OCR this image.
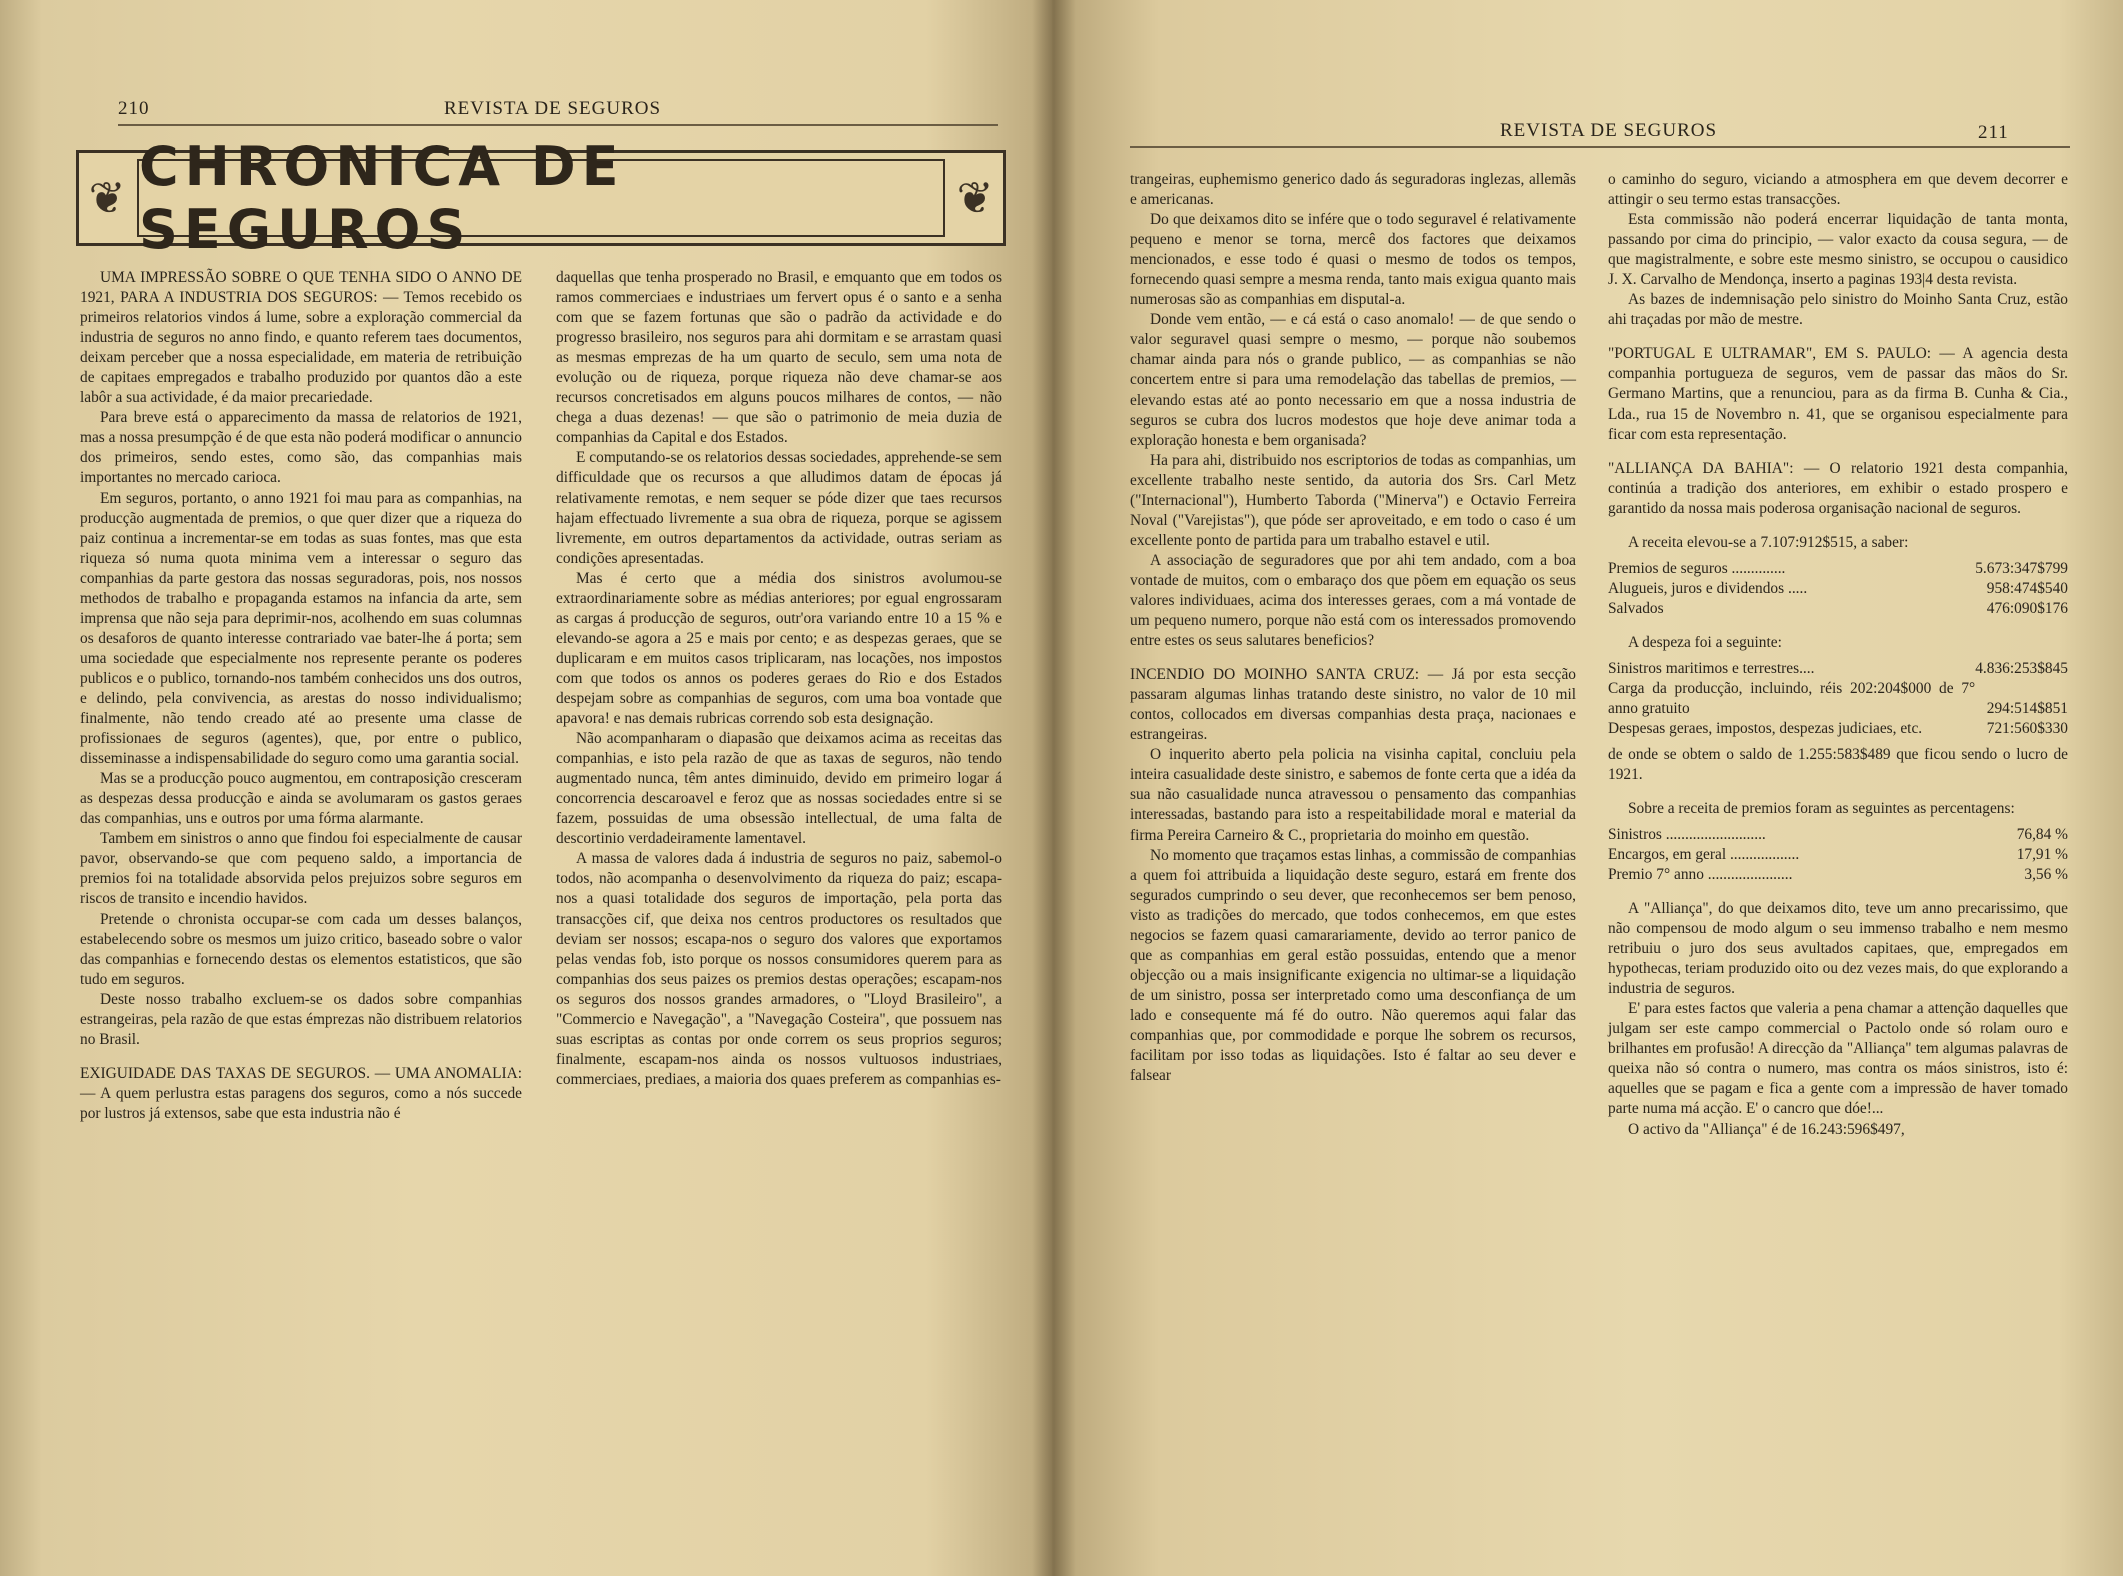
210	REVISTA DE SEGUROS
❦
CHRONICA DE SEGUROS	❦

UMA IMPRESSÃO SOBRE O QUE TENHA SIDO O ANNO DE 1921, PARA A INDUSTRIA DOS SEGUROS: — Temos recebido os primeiros relatorios vindos á lume, sobre a exploração commercial da industria de seguros no anno findo, e quanto referem taes documentos, deixam perceber que a nossa especialidade, em materia de retribuição de capitaes empregados e trabalho produzido por quantos dão a este labôr a sua actividade, é da maior precariedade.

Para breve está o apparecimento da massa de relatorios de 1921, mas a nossa presumpção é de que esta não poderá modificar o annuncio dos primeiros, sendo estes, como são, das companhias mais importantes no mercado carioca.

Em seguros, portanto, o anno 1921 foi mau para as companhias, na producção augmentada de premios, o que quer dizer que a riqueza do paiz continua a incrementar-se em todas as suas fontes, mas que esta riqueza só numa quota minima vem a interessar o seguro das companhias da parte gestora das nossas seguradoras, pois, nos nossos methodos de trabalho e propaganda estamos na infancia da arte, sem imprensa que não seja para deprimir-nos, acolhendo em suas columnas os desaforos de quanto interesse contrariado vae bater-lhe á porta; sem uma sociedade que especialmente nos represente perante os poderes publicos e o publico, tornando-nos também conhecidos uns dos outros, e delindo, pela convivencia, as arestas do nosso individualismo; finalmente, não tendo creado até ao presente uma classe de profissionaes de seguros (agentes), que, por entre o publico, disseminasse a indispensabilidade do seguro como uma garantia social.

Mas se a producção pouco augmentou, em contraposição cresceram as despezas dessa producção e ainda se avolumaram os gastos geraes das companhias, uns e outros por uma fórma alarmante.

Tambem em sinistros o anno que findou foi especialmente de causar pavor, observando-se que com pequeno saldo, a importancia de premios foi na totalidade absorvida pelos prejuizos sobre seguros em riscos de transito e incendio havidos.

Pretende o chronista occupar-se com cada um desses balanços, estabelecendo sobre os mesmos um juizo critico, baseado sobre o valor das companhias e fornecendo destas os elementos estatisticos, que são tudo em seguros.

Deste nosso trabalho excluem-se os dados sobre companhias estrangeiras, pela razão de que estas émprezas não distribuem relatorios no Brasil.

EXIGUIDADE DAS TAXAS DE SEGUROS. — UMA ANOMALIA: — A quem perlustra estas paragens dos seguros, como a nós succede por lustros já extensos, sabe que esta industria não é

daquellas que tenha prosperado no Brasil, e emquanto que em todos os ramos commerciaes e industriaes um fervert opus é o santo e a senha com que se fazem fortunas que são o padrão da actividade e do progresso brasileiro, nos seguros para ahi dormitam e se arrastam quasi as mesmas emprezas de ha um quarto de seculo, sem uma nota de evolução ou de riqueza, porque riqueza não deve chamar-se aos recursos concretisados em alguns poucos milhares de contos, — não chega a duas dezenas! — que são o patrimonio de meia duzia de companhias da Capital e dos Estados.

E computando-se os relatorios dessas sociedades, apprehende-se sem difficuldade que os recursos a que alludimos datam de épocas já relativamente remotas, e nem sequer se póde dizer que taes recursos hajam effectuado livremente a sua obra de riqueza, porque se agissem livremente, em outros departamentos da actividade, outras seriam as condições apresentadas.

Mas é certo que a média dos sinistros avolumou-se extraordinariamente sobre as médias anteriores; por egual engrossaram as cargas á producção de seguros, outr'ora variando entre 10 a 15 % e elevando-se agora a 25 e mais por cento; e as despezas geraes, que se duplicaram e em muitos casos triplicaram, nas locações, nos impostos com que todos os annos os poderes geraes do Rio e dos Estados despejam sobre as companhias de seguros, com uma boa vontade que apavora! e nas demais rubricas correndo sob esta designação.

Não acompanharam o diapasão que deixamos acima as receitas das companhias, e isto pela razão de que as taxas de seguros, não tendo augmentado nunca, têm antes diminuido, devido em primeiro logar á concorrencia descaroavel e feroz que as nossas sociedades entre si se fazem, possuidas de uma obsessão intellectual, de uma falta de descortinio verdadeiramente lamentavel.

A massa de valores dada á industria de seguros no paiz, sabemol-o todos, não acompanha o desenvolvimento da riqueza do paiz; escapa-nos a quasi totalidade dos seguros de importação, pela porta das transacções cif, que deixa nos centros productores os resultados que deviam ser nossos; escapa-nos o seguro dos valores que exportamos pelas vendas fob, isto porque os nossos consumidores querem para as companhias dos seus paizes os premios destas operações; escapam-nos os seguros dos nossos grandes armadores, o "Lloyd Brasileiro", a "Commercio e Navegação", a "Navegação Costeira", que possuem nas suas escriptas as contas por onde correm os seus proprios seguros; finalmente, escapam-nos ainda os nossos vultuosos industriaes, commerciaes, prediaes, a maioria dos quaes preferem as companhias es-

REVISTA DE SEGUROS	211

trangeiras, euphemismo generico dado ás seguradoras inglezas, allemãs e americanas.

Do que deixamos dito se infére que o todo seguravel é relativamente pequeno e menor se torna, mercê dos factores que deixamos mencionados, e esse todo é quasi o mesmo de todos os tempos, fornecendo quasi sempre a mesma renda, tanto mais exigua quanto mais numerosas são as companhias em disputal-a.

Donde vem então, — e cá está o caso anomalo! — de que sendo o valor seguravel quasi sempre o mesmo, — porque não soubemos chamar ainda para nós o grande publico, — as companhias se não concertem entre si para uma remodelação das tabellas de premios, — elevando estas até ao ponto necessario em que a nossa industria de seguros se cubra dos lucros modestos que hoje deve animar toda a exploração honesta e bem organisada?

Ha para ahi, distribuido nos escriptorios de todas as companhias, um excellente trabalho neste sentido, da autoria dos Srs. Carl Metz ("Internacional"), Humberto Taborda ("Minerva") e Octavio Ferreira Noval ("Varejistas"), que póde ser aproveitado, e em todo o caso é um excellente ponto de partida para um trabalho estavel e util.

A associação de seguradores que por ahi tem andado, com a boa vontade de muitos, com o embaraço dos que põem em equação os seus valores individuaes, acima dos interesses geraes, com a má vontade de um pequeno numero, porque não está com os interessados promovendo entre estes os seus salutares beneficios?

INCENDIO DO MOINHO SANTA CRUZ: — Já por esta secção passaram algumas linhas tratando deste sinistro, no valor de 10 mil contos, collocados em diversas companhias desta praça, nacionaes e estrangeiras.

O inquerito aberto pela policia na visinha capital, concluiu pela inteira casualidade deste sinistro, e sabemos de fonte certa que a idéa da sua não casualidade nunca atravessou o pensamento das companhias interessadas, bastando para isto a respeitabilidade moral e material da firma Pereira Carneiro & C., proprietaria do moinho em questão.

No momento que traçamos estas linhas, a commissão de companhias a quem foi attribuida a liquidação deste seguro, estará em frente dos segurados cumprindo o seu dever, que reconhecemos ser bem penoso, visto as tradições do mercado, que todos conhecemos, em que estes negocios se fazem quasi camarariamente, devido ao terror panico de que as companhias em geral estão possuidas, entendo que a menor objecção ou a mais insignificante exigencia no ultimar-se a liquidação de um sinistro, possa ser interpretado como uma desconfiança de um lado e consequente má fé do outro. Não queremos aqui falar das companhias que, por commodidade e porque lhe sobrem os recursos, facilitam por isso todas as liquidações. Isto é faltar ao seu dever e falsear

o caminho do seguro, viciando a atmosphera em que devem decorrer e attingir o seu termo estas transacções.

Esta commissão não poderá encerrar liquidação de tanta monta, passando por cima do principio, — valor exacto da cousa segura, — de que magistralmente, e sobre este mesmo sinistro, se occupou o causidico J. X. Carvalho de Mendonça, inserto a paginas 193|4 desta revista.

As bazes de indemnisação pelo sinistro do Moinho Santa Cruz, estão ahi traçadas por mão de mestre.

"PORTUGAL E ULTRAMAR", EM S. PAULO: — A agencia desta companhia portugueza de seguros, vem de passar das mãos do Sr. Germano Martins, que a renunciou, para as da firma B. Cunha & Cia., Lda., rua 15 de Novembro n. 41, que se organisou especialmente para ficar com esta representação.

"ALLIANÇA DA BAHIA": — O relatorio 1921 desta companhia, continúa a tradição dos anteriores, em exhibir o estado prospero e garantido da nossa mais poderosa organisação nacional de seguros.

A receita elevou-se a 7.107:912$515, a saber:

Premios de seguros ..............	5.673:347$799
Alugueis, juros e dividendos .....	958:474$540
Salvados	476:090$176

A despeza foi a seguinte:

Sinistros maritimos e terrestres....	4.836:253$845
Carga da producção, incluindo, réis 202:204$000 de 7° anno gratuito	294:514$851
Despesas geraes, impostos, despezas judiciaes, etc.	721:560$330

de onde se obtem o saldo de 1.255:583$489 que ficou sendo o lucro de 1921.

Sobre a receita de premios foram as seguintes as percentagens:

Sinistros ..........................	76,84 %
Encargos, em geral ..................	17,91 %
Premio 7° anno ......................	3,56 %

A "Alliança", do que deixamos dito, teve um anno precarissimo, que não compensou de modo algum o seu immenso trabalho e nem mesmo retribuiu o juro dos seus avultados capitaes, que, empregados em hypothecas, teriam produzido oito ou dez vezes mais, do que explorando a industria de seguros.

E' para estes factos que valeria a pena chamar a attenção daquelles que julgam ser este campo commercial o Pactolo onde só rolam ouro e brilhantes em profusão! A direcção da "Alliança" tem algumas palavras de queixa não só contra o numero, mas contra os máos sinistros, isto é: aquelles que se pagam e fica a gente com a impressão de haver tomado parte numa má acção. E' o cancro que dóe!...

O activo da "Alliança" é de 16.243:596$497,
